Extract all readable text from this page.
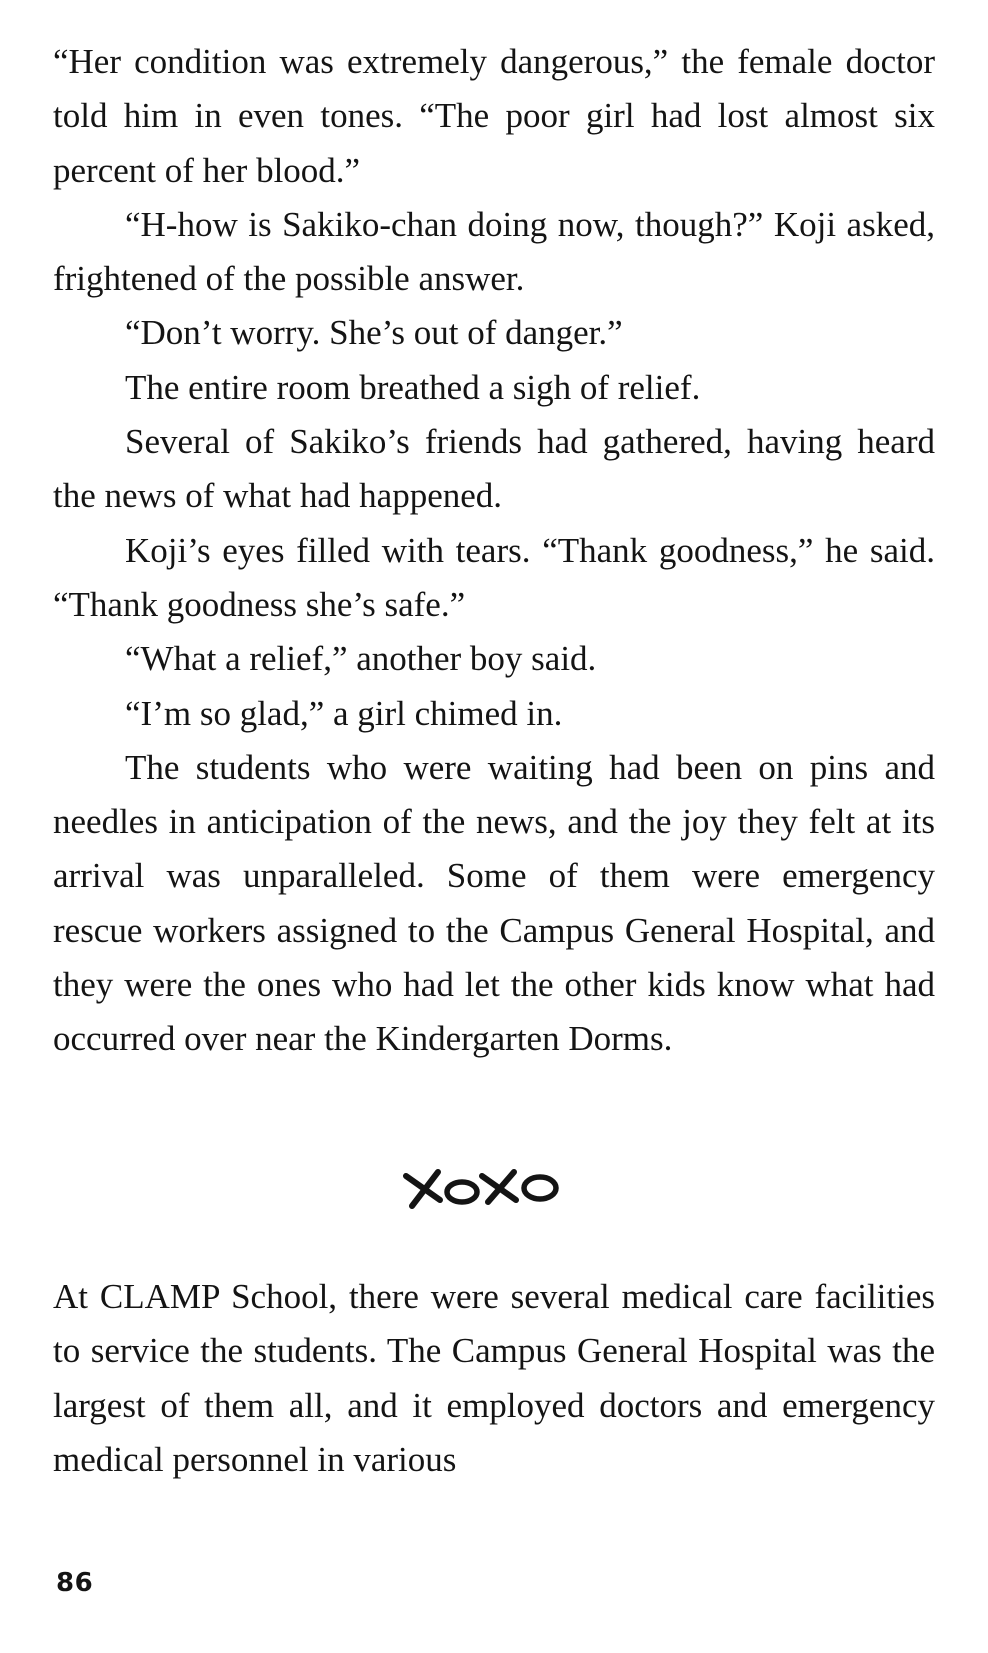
“Her condition was extremely dangerous,” the female doctor told him in even tones. “The poor girl had lost almost six percent of her blood.”

“H-how is Sakiko-chan doing now, though?” Koji asked, frightened of the possible answer.

“Don’t worry. She’s out of danger.”

The entire room breathed a sigh of relief.

Several of Sakiko’s friends had gathered, having heard the news of what had happened.

Koji’s eyes filled with tears. “Thank goodness,” he said. “Thank goodness she’s safe.”

“What a relief,” another boy said.

“I’m so glad,” a girl chimed in.

The students who were waiting had been on pins and needles in anticipation of the news, and the joy they felt at its arrival was unparalleled. Some of them were emergency rescue workers assigned to the Campus General Hospital, and they were the ones who had let the other kids know what had occurred over near the Kindergarten Dorms.

At CLAMP School, there were several medical care facilities to service the students. The Campus General Hospital was the largest of them all, and it employed doctors and emergency medical personnel in various

86
